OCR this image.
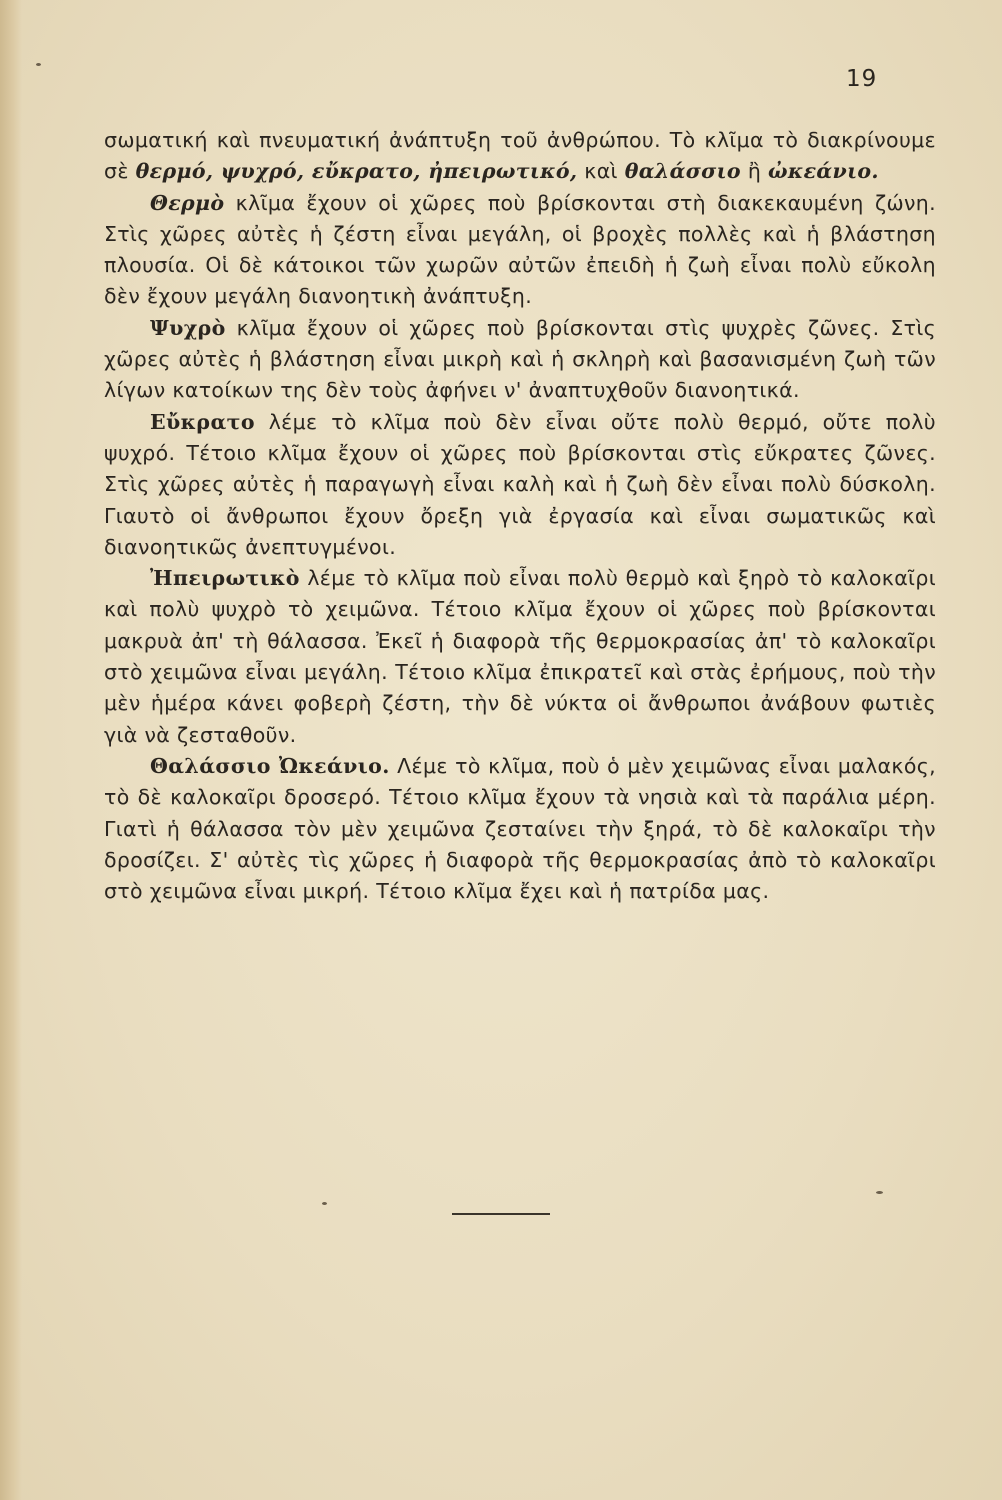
19

σωματική καὶ πνευματική ἀνάπτυξη τοῦ ἀνθρώπου. Τὸ κλῖμα τὸ διακρίνουμε σὲ θερμό, ψυχρό, εὔκρατο, ἠπειρωτικό, καὶ θαλάσσιο ἢ ὠκεάνιο.

Θερμὸ κλῖμα ἔχουν οἱ χῶρες ποὺ βρίσκονται στὴ διακεκαυμένη ζώνη. Στὶς χῶρες αὐτὲς ἡ ζέστη εἶναι μεγάλη, οἱ βροχὲς πολλὲς καὶ ἡ βλάστηση πλουσία. Οἱ δὲ κάτοικοι τῶν χωρῶν αὐτῶν ἐπειδὴ ἡ ζωὴ εἶναι πολὺ εὔκολη δὲν ἔχουν μεγάλη διανοητικὴ ἀνάπτυξη.

Ψυχρὸ κλῖμα ἔχουν οἱ χῶρες ποὺ βρίσκονται στὶς ψυχρὲς ζῶνες. Στὶς χῶρες αὐτὲς ἡ βλάστηση εἶναι μικρὴ καὶ ἡ σκληρὴ καὶ βασανισμένη ζωὴ τῶν λίγων κατοίκων της δὲν τοὺς ἀφήνει ν' ἀναπτυχθοῦν διανοητικά.

Εὔκρατο λέμε τὸ κλῖμα ποὺ δὲν εἶναι οὔτε πολὺ θερμό, οὔτε πολὺ ψυχρό. Τέτοιο κλῖμα ἔχουν οἱ χῶρες ποὺ βρίσκονται στὶς εὔκρατες ζῶνες. Στὶς χῶρες αὐτὲς ἡ παραγωγὴ εἶναι καλὴ καὶ ἡ ζωὴ δὲν εἶναι πολὺ δύσκολη. Γιαυτὸ οἱ ἄνθρωποι ἔχουν ὄρεξη γιὰ ἐργασία καὶ εἶναι σωματικῶς καὶ διανοητικῶς ἀνεπτυγμένοι.

Ἠπειρωτικὸ λέμε τὸ κλῖμα ποὺ εἶναι πολὺ θερμὸ καὶ ξηρὸ τὸ καλοκαῖρι καὶ πολὺ ψυχρὸ τὸ χειμῶνα. Τέτοιο κλῖμα ἔχουν οἱ χῶρες ποὺ βρίσκονται μακρυὰ ἀπ' τὴ θάλασσα. Ἐκεῖ ἡ διαφορὰ τῆς θερμοκρασίας ἀπ' τὸ καλοκαῖρι στὸ χειμῶνα εἶναι μεγάλη. Τέτοιο κλῖμα ἐπικρατεῖ καὶ στὰς ἐρήμους, ποὺ τὴν μὲν ἡμέρα κάνει φοβερὴ ζέστη, τὴν δὲ νύκτα οἱ ἄνθρωποι ἀνάβουν φωτιὲς γιὰ νὰ ζεσταθοῦν.

Θαλάσσιο Ὠκεάνιο. Λέμε τὸ κλῖμα, ποὺ ὁ μὲν χειμῶνας εἶναι μαλακός, τὸ δὲ καλοκαῖρι δροσερό. Τέτοιο κλῖμα ἔχουν τὰ νησιὰ καὶ τὰ παράλια μέρη. Γιατὶ ἡ θάλασσα τὸν μὲν χειμῶνα ζεσταίνει τὴν ξηρά, τὸ δὲ καλοκαῖρι τὴν δροσίζει. Σ' αὐτὲς τὶς χῶρες ἡ διαφορὰ τῆς θερμοκρασίας ἀπὸ τὸ καλοκαῖρι στὸ χειμῶνα εἶναι μικρή. Τέτοιο κλῖμα ἔχει καὶ ἡ πατρίδα μας.
